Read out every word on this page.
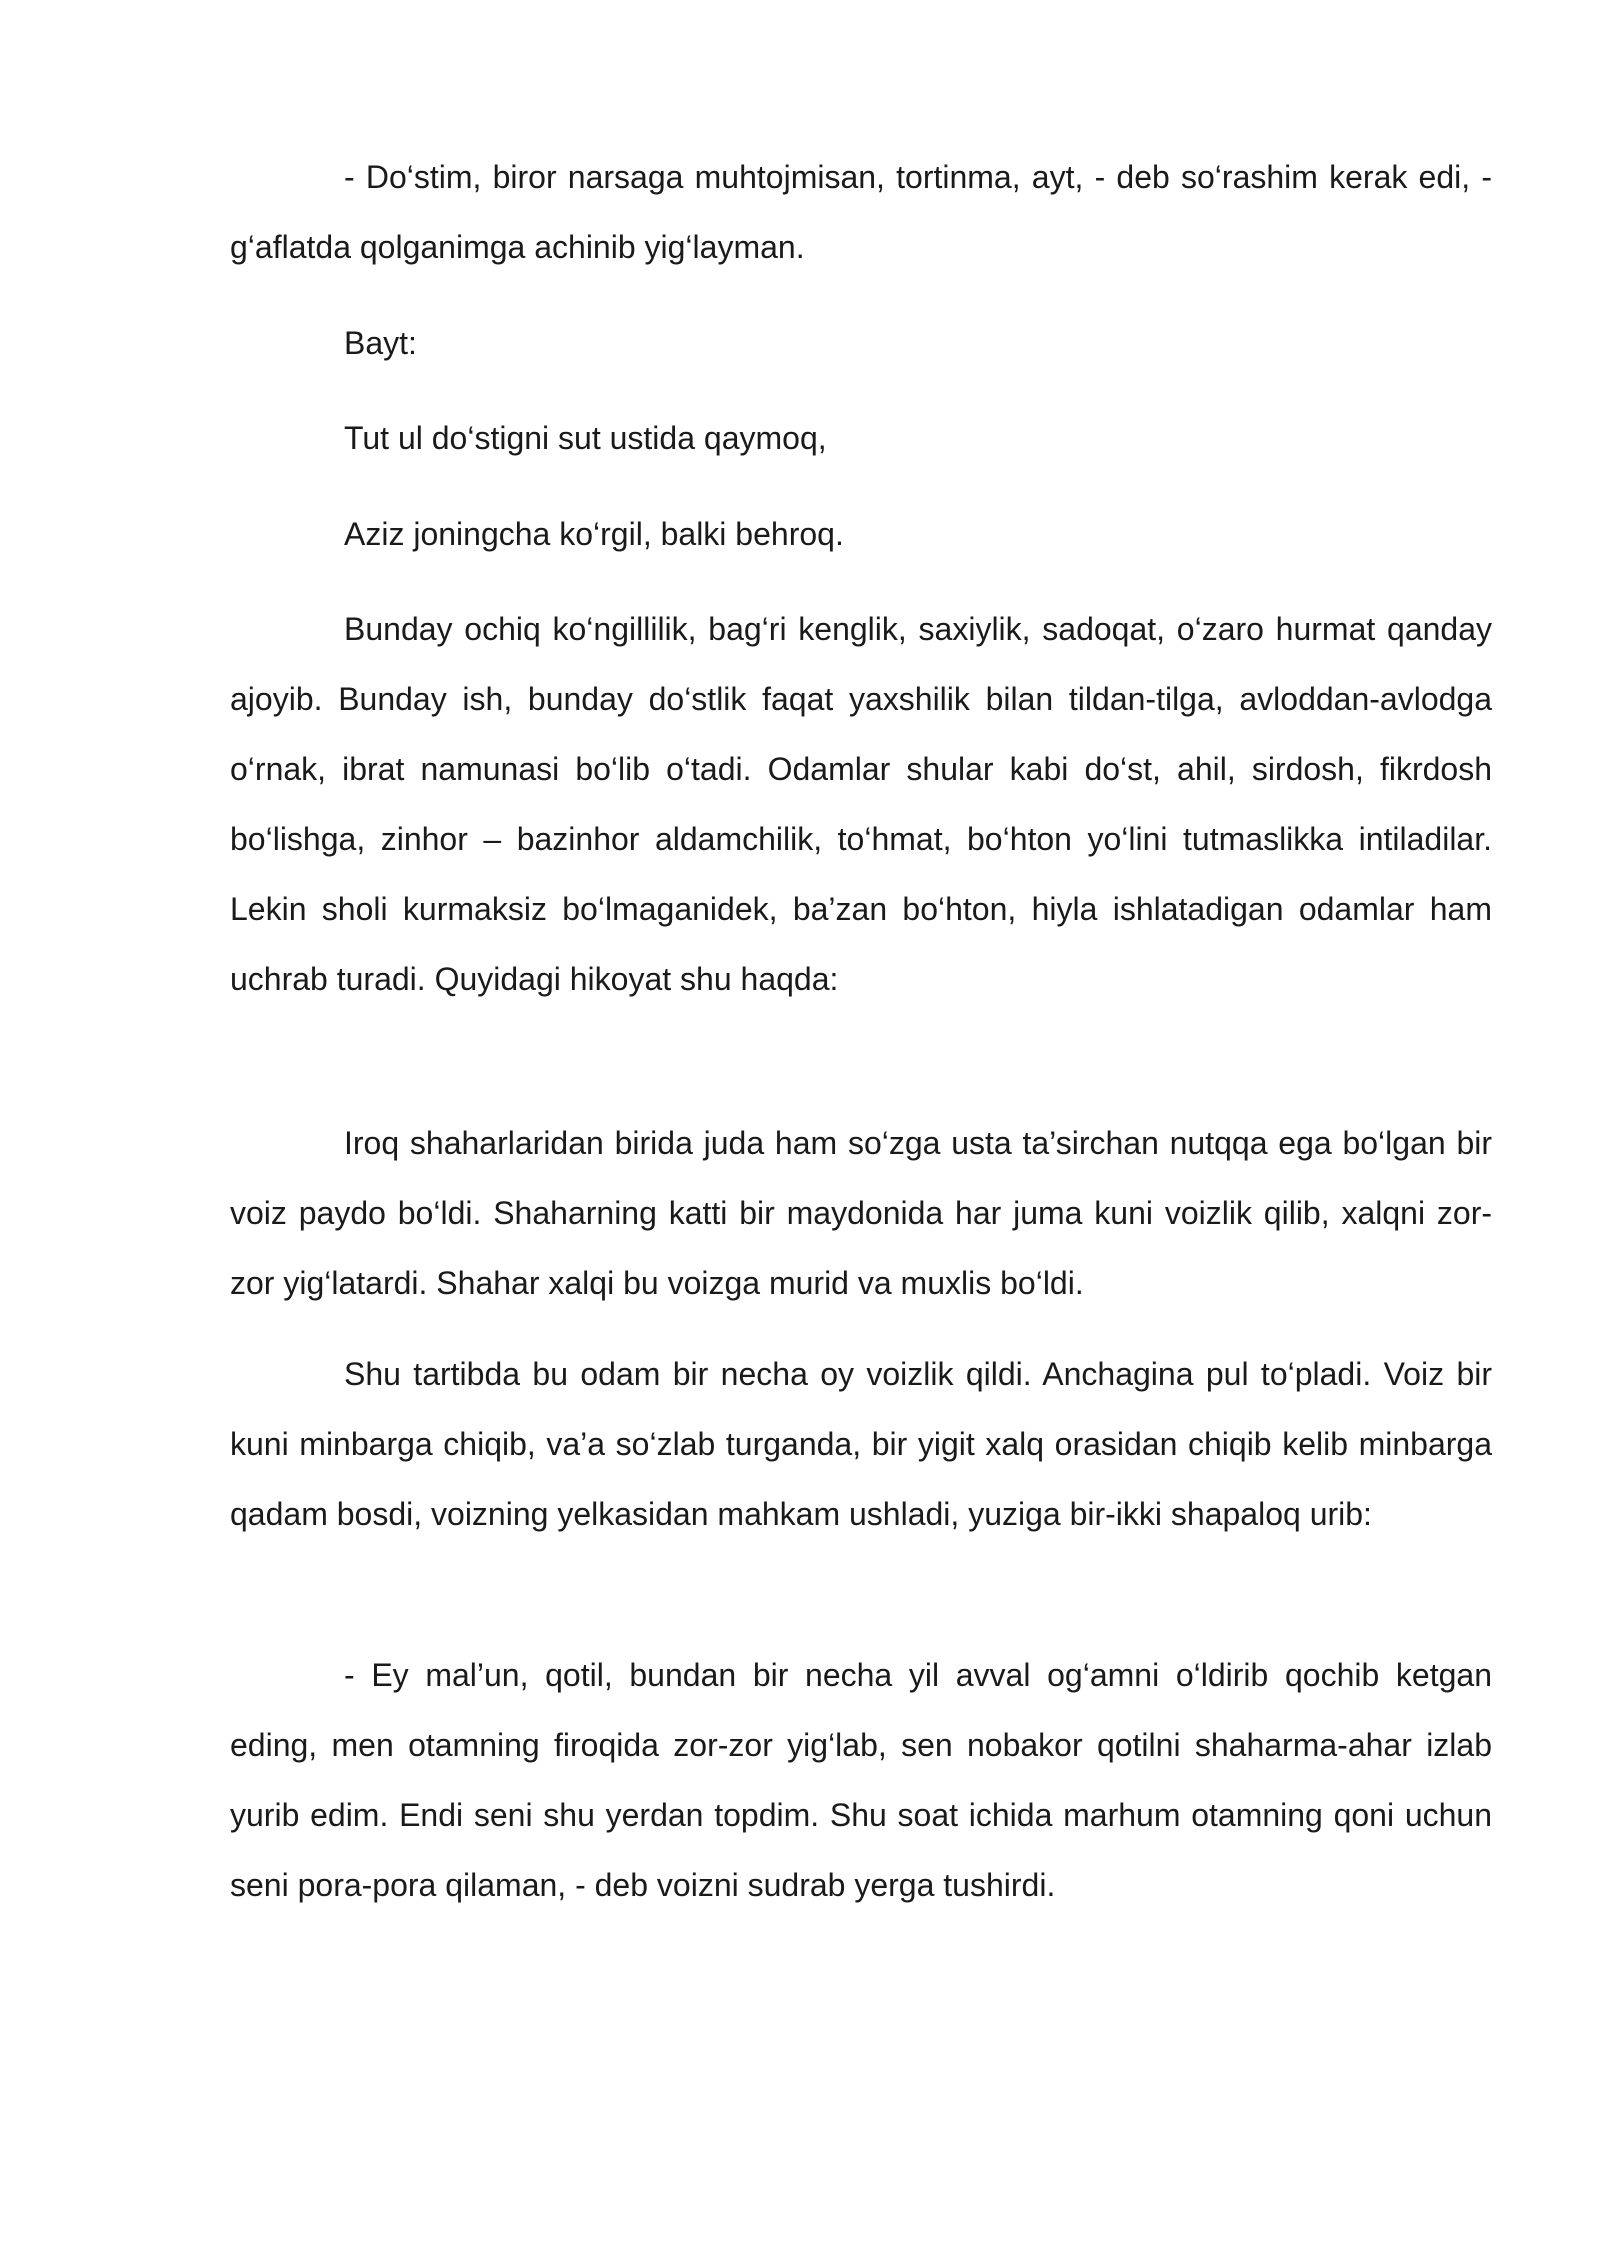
- Do‘stim, biror narsaga muhtojmisan, tortinma, ayt, - deb so‘rashim kerak edi, - g‘aflatda qolganimga achinib yig‘layman.

Bayt:

Tut ul do‘stigni sut ustida qaymoq,

Aziz joningcha ko‘rgil, balki behroq.

Bunday ochiq ko‘ngillilik, bag‘ri kenglik, saxiylik, sadoqat, o‘zaro hurmat qanday ajoyib. Bunday ish, bunday do‘stlik faqat yaxshilik bilan tildan-tilga, avloddan-avlodga o‘rnak, ibrat namunasi bo‘lib o‘tadi. Odamlar shular kabi do‘st, ahil, sirdosh, fikrdosh bo‘lishga, zinhor – bazinhor aldamchilik, to‘hmat, bo‘hton yo‘lini tutmaslikka intiladilar. Lekin sholi kurmaksiz bo‘lmaganidek, ba’zan bo‘hton, hiyla ishlatadigan odamlar ham uchrab turadi. Quyidagi hikoyat shu haqda:

Iroq shaharlaridan birida juda ham so‘zga usta ta’sirchan nutqqa ega bo‘lgan bir voiz paydo bo‘ldi. Shaharning katti bir maydonida har juma kuni voizlik qilib, xalqni zor-zor yig‘latardi. Shahar xalqi bu voizga murid va muxlis bo‘ldi.

Shu tartibda bu odam bir necha oy voizlik qildi. Anchagina pul to‘pladi. Voiz bir kuni minbarga chiqib, va’a so‘zlab turganda, bir yigit xalq orasidan chiqib kelib minbarga qadam bosdi, voizning yelkasidan mahkam ushladi, yuziga bir-ikki shapaloq urib:

- Ey mal’un, qotil, bundan bir necha yil avval og‘amni o‘ldirib qochib ketgan eding, men otamning firoqida zor-zor yig‘lab, sen nobakor qotilni shaharma-ahar izlab yurib edim. Endi seni shu yerdan topdim. Shu soat ichida marhum otamning qoni uchun seni pora-pora qilaman, - deb voizni sudrab yerga tushirdi.
